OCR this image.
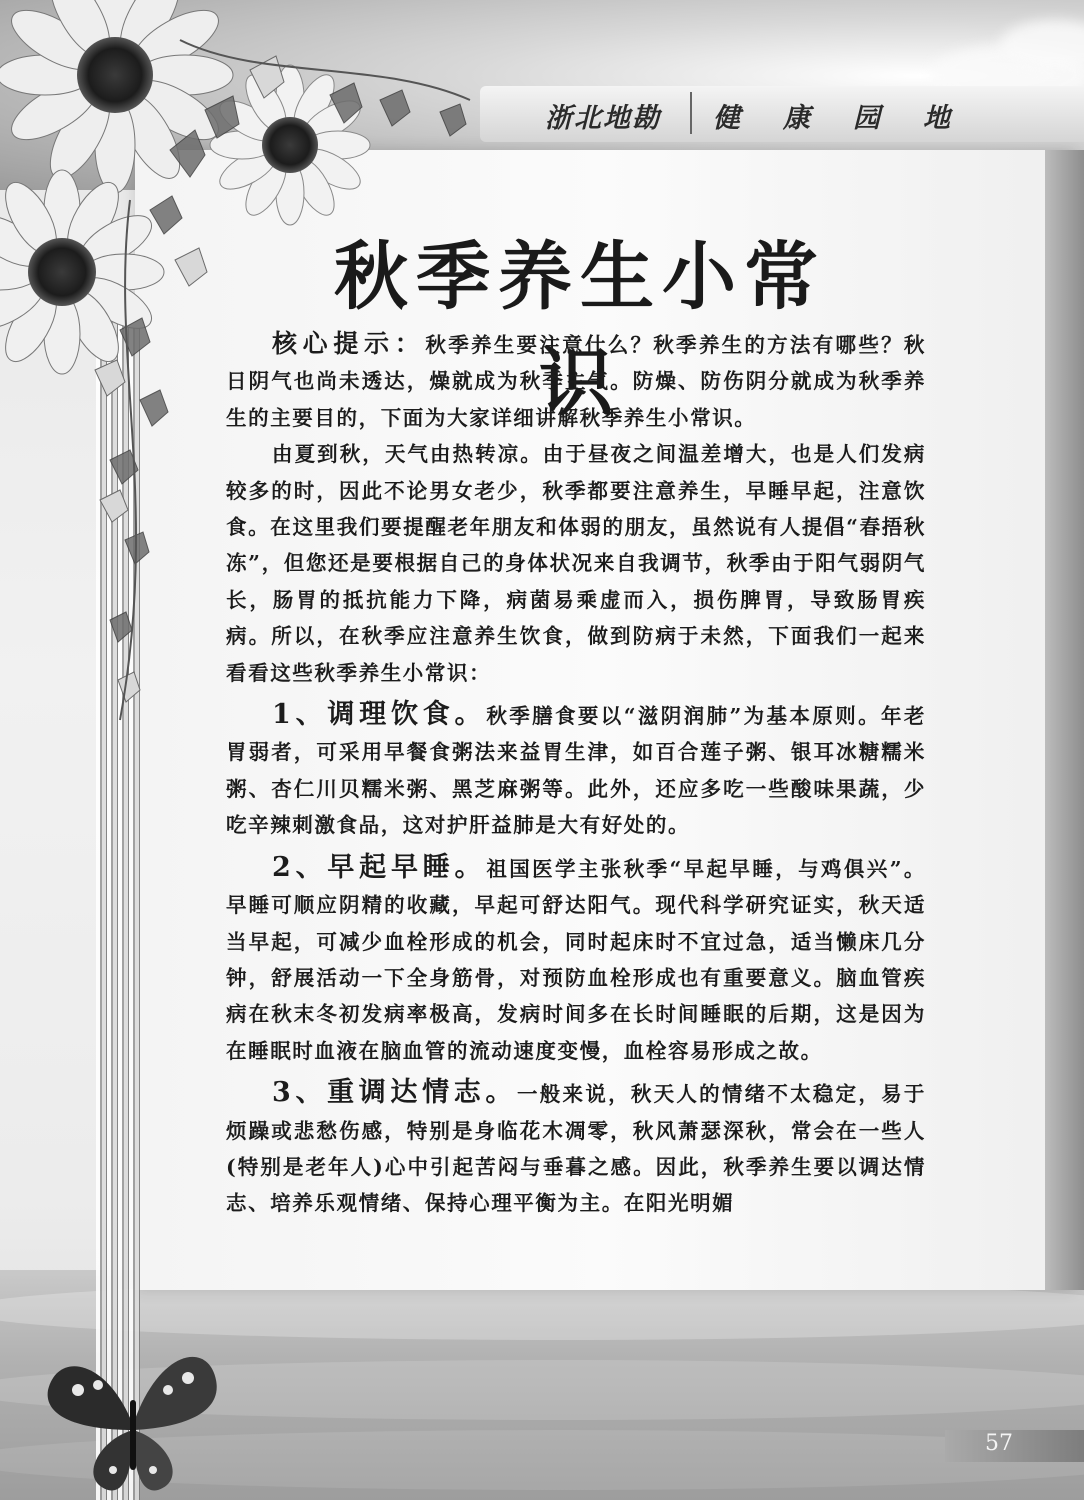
浙北地勘 健康园地
秋季养生小常识

核心提示：秋季养生要注意什么？秋季养生的方法有哪些？秋日阴气也尚未透达，燥就成为秋季主气。防燥、防伤阴分就成为秋季养生的主要目的，下面为大家详细讲解秋季养生小常识。

由夏到秋，天气由热转凉。由于昼夜之间温差增大，也是人们发病较多的时，因此不论男女老少，秋季都要注意养生，早睡早起，注意饮食。在这里我们要提醒老年朋友和体弱的朋友，虽然说有人提倡“春捂秋冻”，但您还是要根据自己的身体状况来自我调节，秋季由于阳气弱阴气长，肠胃的抵抗能力下降，病菌易乘虚而入，损伤脾胃，导致肠胃疾病。所以，在秋季应注意养生饮食，做到防病于未然，下面我们一起来看看这些秋季养生小常识：

1、调理饮食。秋季膳食要以“滋阴润肺”为基本原则。年老胃弱者，可采用早餐食粥法来益胃生津，如百合莲子粥、银耳冰糖糯米粥、杏仁川贝糯米粥、黑芝麻粥等。此外，还应多吃一些酸味果蔬，少吃辛辣刺激食品，这对护肝益肺是大有好处的。

2、早起早睡。祖国医学主张秋季“早起早睡，与鸡俱兴”。早睡可顺应阴精的收藏，早起可舒达阳气。现代科学研究证实，秋天适当早起，可减少血栓形成的机会，同时起床时不宜过急，适当懒床几分钟，舒展活动一下全身筋骨，对预防血栓形成也有重要意义。脑血管疾病在秋末冬初发病率极高，发病时间多在长时间睡眠的后期，这是因为在睡眠时血液在脑血管的流动速度变慢，血栓容易形成之故。

3、重调达情志。一般来说，秋天人的情绪不太稳定，易于烦躁或悲愁伤感，特别是身临花木凋零，秋风萧瑟深秋，常会在一些人(特别是老年人)心中引起苦闷与垂暮之感。因此，秋季养生要以调达情志、培养乐观情绪、保持心理平衡为主。在阳光明媚

57
